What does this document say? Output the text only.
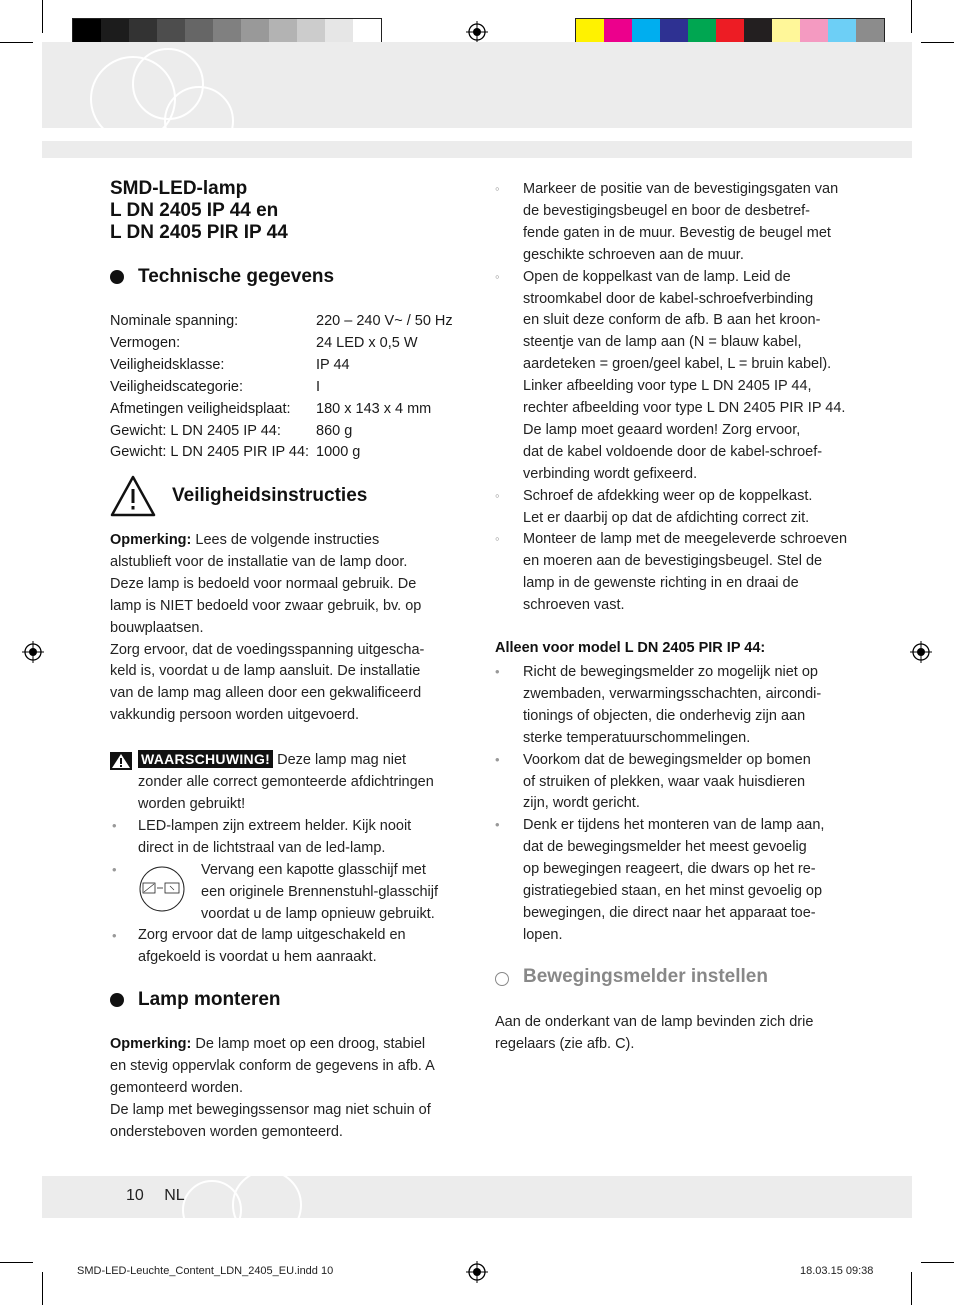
SMD-LED-lamp
L DN 2405 IP 44 en
L DN 2405 PIR IP 44
Technische gegevens
Nominale spanning:	220 – 240 V~ / 50 Hz
Vermogen:	24 LED x 0,5 W
Veiligheidsklasse:	IP 44
Veiligheidscategorie:	I
Afmetingen veiligheidsplaat: 180 x 143 x 4 mm
Gewicht: L DN 2405 IP 44: 860 g
Gewicht: L DN 2405 PIR IP 44: 1000 g
Veiligheidsinstructies
Opmerking: Lees de volgende instructies
alstublieft voor de installatie van de lamp door.
Deze lamp is bedoeld voor normaal gebruik. De
lamp is NIET bedoeld voor zwaar gebruik, bv. op
bouwplaatsen.
Zorg ervoor, dat de voedingsspanning uitgescha-
keld is, voordat u de lamp aansluit. De installatie
van de lamp mag alleen door een gekwalificeerd
vakkundig persoon worden uitgevoerd.
WAARSCHUWING! Deze lamp mag niet
zonder alle correct gemonteerde afdichtringen
worden gebruikt!
• LED-lampen zijn extreem helder. Kijk nooit
direct in de lichtstraal van de led-lamp.
•	Vervang een kapotte glasschijf met
een originele Brennenstuhl-glasschijf
voordat u de lamp opnieuw gebruikt.
• Zorg ervoor dat de lamp uitgeschakeld en
afgekoeld is voordat u hem aanraakt.
Lamp monteren
Opmerking: De lamp moet op een droog, stabiel
en stevig oppervlak conform de gegevens in afb. A
gemonteerd worden.
De lamp met bewegingssensor mag niet schuin of
ondersteboven worden gemonteerd.
◦ Markeer de positie van de bevestigingsgaten van
de bevestigingsbeugel en boor de desbetref-
fende gaten in de muur. Bevestig de beugel met
geschikte schroeven aan de muur.
◦ Open de koppelkast van de lamp. Leid de
stroomkabel door de kabel-schroefverbinding
en sluit deze conform de afb. B aan het kroon-
steentje van de lamp aan (N = blauw kabel,
aardeteken = groen/geel kabel, L = bruin kabel).
Linker afbeelding voor type L DN 2405 IP 44,
rechter afbeelding voor type L DN 2405 PIR IP 44.
De lamp moet geaard worden! Zorg ervoor,
dat de kabel voldoende door de kabel-schroef-
verbinding wordt gefixeerd.
◦ Schroef de afdekking weer op de koppelkast.
Let er daarbij op dat de afdichting correct zit.
◦ Monteer de lamp met de meegeleverde schroeven
en moeren aan de bevestigingsbeugel. Stel de
lamp in de gewenste richting in en draai de
schroeven vast.
Alleen voor model L DN 2405 PIR IP 44:
• Richt de bewegingsmelder zo mogelijk niet op
zwembaden, verwarmingsschachten, aircondi-
tionings of objecten, die onderhevig zijn aan
sterke temperatuurschommelingen.
• Voorkom dat de bewegingsmelder op bomen
of struiken of plekken, waar vaak huisdieren
zijn, wordt gericht.
• Denk er tijdens het monteren van de lamp aan,
dat de bewegingsmelder het meest gevoelig
op bewegingen reageert, die dwars op het re-
gistratiegebied staan, en het minst gevoelig op
bewegingen, die direct naar het apparaat toe-
lopen.
Bewegingsmelder instellen
Aan de onderkant van de lamp bevinden zich drie
regelaars (zie afb. C).
10 NL
SMD-LED-Leuchte_Content_LDN_2405_EU.indd 10	18.03.15 09:38
